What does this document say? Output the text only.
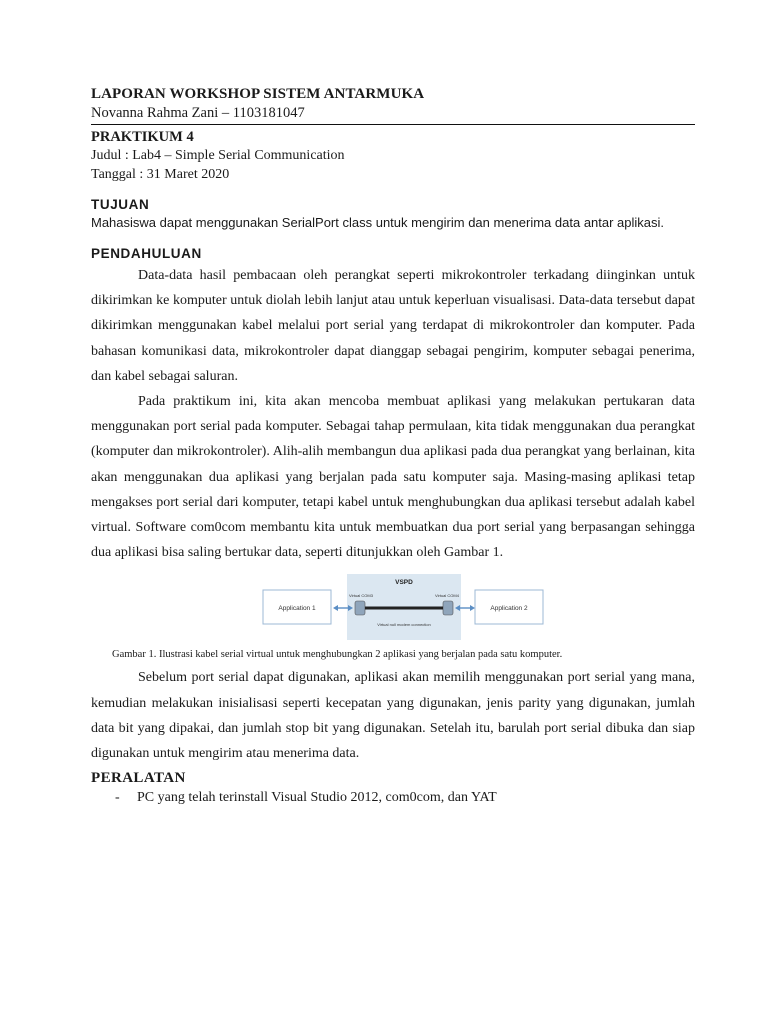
LAPORAN WORKSHOP SISTEM ANTARMUKA
Novanna Rahma Zani – 1103181047
PRAKTIKUM 4
Judul : Lab4 – Simple Serial Communication
Tanggal : 31 Maret 2020
TUJUAN
Mahasiswa dapat menggunakan SerialPort class untuk mengirim dan menerima data antar aplikasi.
PENDAHULUAN

Data-data hasil pembacaan oleh perangkat seperti mikrokontroler terkadang diinginkan untuk dikirimkan ke komputer untuk diolah lebih lanjut atau untuk keperluan visualisasi. Data-data tersebut dapat dikirimkan menggunakan kabel melalui port serial yang terdapat di mikrokontroler dan komputer. Pada bahasan komunikasi data, mikrokontroler dapat dianggap sebagai pengirim, komputer sebagai penerima, dan kabel sebagai saluran.

Pada praktikum ini, kita akan mencoba membuat aplikasi yang melakukan pertukaran data menggunakan port serial pada komputer. Sebagai tahap permulaan, kita tidak menggunakan dua perangkat (komputer dan mikrokontroler). Alih-alih membangun dua aplikasi pada dua perangkat yang berlainan, kita akan menggunakan dua aplikasi yang berjalan pada satu komputer saja. Masing-masing aplikasi tetap mengakses port serial dari komputer, tetapi kabel untuk menghubungkan dua aplikasi tersebut adalah kabel virtual. Software com0com membantu kita untuk membuatkan dua port serial yang berpasangan sehingga dua aplikasi bisa saling bertukar data, seperti ditunjukkan oleh Gambar 1.

Application 1	Application 2
VSPD
Virtual COM3	Virtual COM4
Virtual null modem connection
Gambar 1. Ilustrasi kabel serial virtual untuk menghubungkan 2 aplikasi yang berjalan pada satu komputer.

Sebelum port serial dapat digunakan, aplikasi akan memilih menggunakan port serial yang mana, kemudian melakukan inisialisasi seperti kecepatan yang digunakan, jenis parity yang digunakan, jumlah data bit yang dipakai, dan jumlah stop bit yang digunakan. Setelah itu, barulah port serial dibuka dan siap digunakan untuk mengirim atau menerima data.

PERALATAN
-	PC yang telah terinstall Visual Studio 2012, com0com, dan YAT
